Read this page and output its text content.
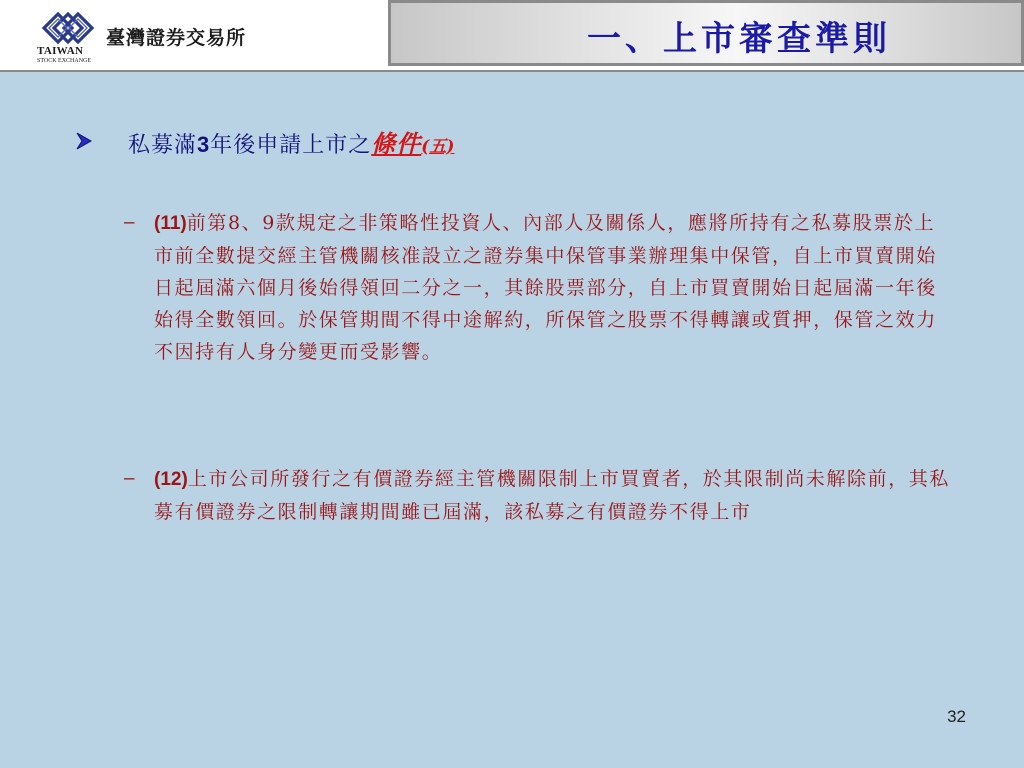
TAIWAN
STOCK EXCHANGE
臺灣證券交易所	一、上市審查準則
私募滿3年後申請上市之 條件 (五)
– (11)前第8、9款規定之非策略性投資人、內部人及關係人，應將所持有之私募股票於上市前全數提交經主管機關核准設立之證券集中保管事業辦理集中保管，自上市買賣開始日起屆滿六個月後始得領回二分之一，其餘股票部分，自上市買賣開始日起屆滿一年後始得全數領回。於保管期間不得中途解約，所保管之股票不得轉讓或質押，保管之效力不因持有人身分變更而受影響。
– (12)上市公司所發行之有價證券經主管機關限制上市買賣者，於其限制尚未解除前，其私募有價證券之限制轉讓期間雖已屆滿，該私募之有價證券不得上市
32
